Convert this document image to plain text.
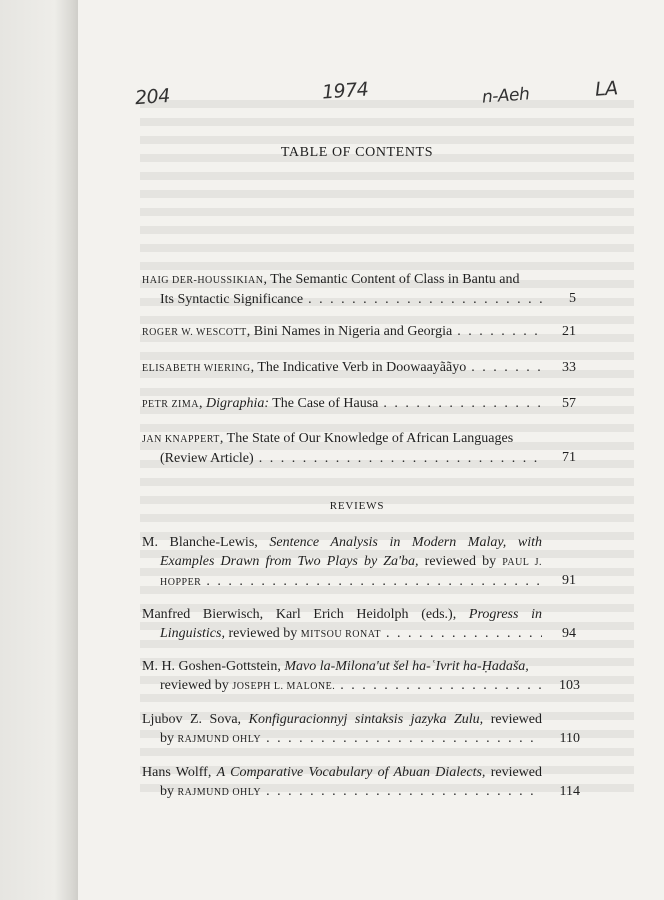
204	1974	n-Aeh	LA
TABLE OF CONTENTS
HAIG DER-HOUSSIKIAN, The Semantic Content of Class in Bantu and
Its Syntactic Significance . . .	5
ROGER W. WESCOTT, Bini Names in Nigeria and Georgia . . .	21
ELISABETH WIERING, The Indicative Verb in Doowaayããyo . . .	33
PETR ZIMA, Digraphia: The Case of Hausa . . .	57
JAN KNAPPERT, The State of Our Knowledge of African Languages
(Review Article) . . .	71
REVIEWS
M. Blanche-Lewis, Sentence Analysis in Modern Malay, with
Examples Drawn from Two Plays by Za'ba, reviewed by PAUL J.
HOPPER . . .	91
Manfred Bierwisch, Karl Erich Heidolph (eds.), Progress in
Linguistics, reviewed by MITSOU RONAT . . .	94
M. H. Goshen-Gottstein, Mavo la-Milona'ut šel ha-ʿIvrit ha-Ḥadaša,
reviewed by JOSEPH L. MALONE. . . .	103
Ljubov Z. Sova, Konfiguracionnyj sintaksis jazyka Zulu, reviewed
by RAJMUND OHLY . . .	110
Hans Wolff, A Comparative Vocabulary of Abuan Dialects, reviewed
by RAJMUND OHLY
. . .	114
